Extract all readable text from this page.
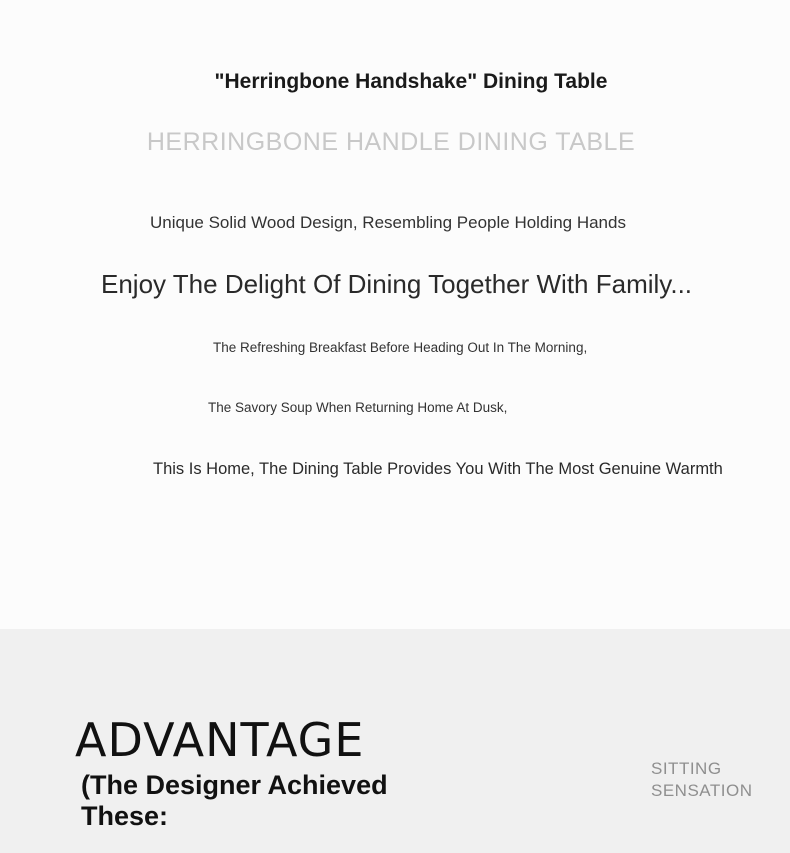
"Herringbone Handshake" Dining Table
HERRINGBONE HANDLE DINING TABLE
Unique Solid Wood Design, Resembling People Holding Hands
Enjoy The Delight Of Dining Together With Family...
The Refreshing Breakfast Before Heading Out In The Morning,
The Savory Soup When Returning Home At Dusk,
This Is Home, The Dining Table Provides You With The Most Genuine Warmth
ADVANTAGE
(The Designer Achieved
These:
SITTING
SENSATION
